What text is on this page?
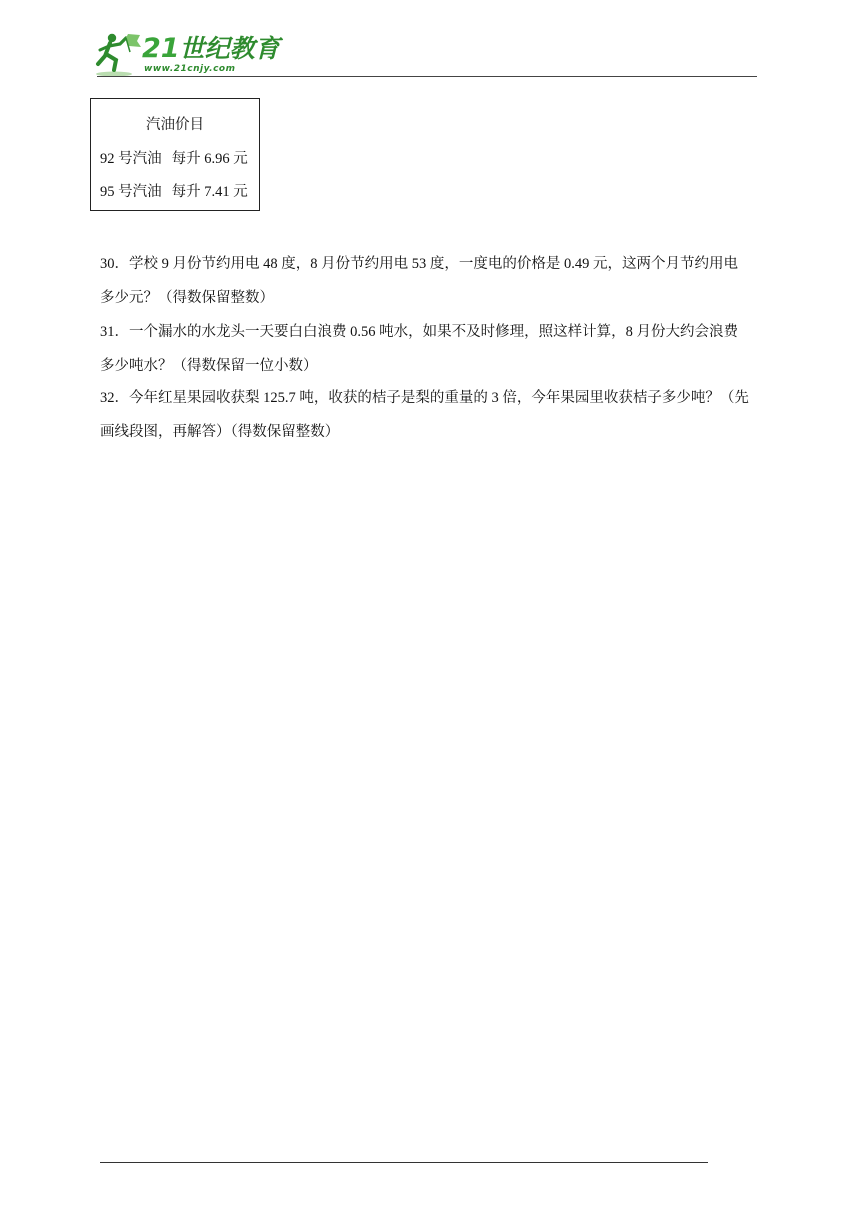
21世纪教育
www.21cnjy.com
汽油价目
92 号汽油 每升 6.96 元
95 号汽油 每升 7.41 元
30．学校 9 月份节约用电 48 度，8 月份节约用电 53 度，一度电的价格是 0.49 元，这两个月节约用电
多少元？（得数保留整数）
31．一个漏水的水龙头一天要白白浪费 0.56 吨水，如果不及时修理，照这样计算，8 月份大约会浪费
多少吨水？（得数保留一位小数）
32．今年红星果园收获梨 125.7 吨，收获的桔子是梨的重量的 3 倍，今年果园里收获桔子多少吨？（先
画线段图，再解答）（得数保留整数）
